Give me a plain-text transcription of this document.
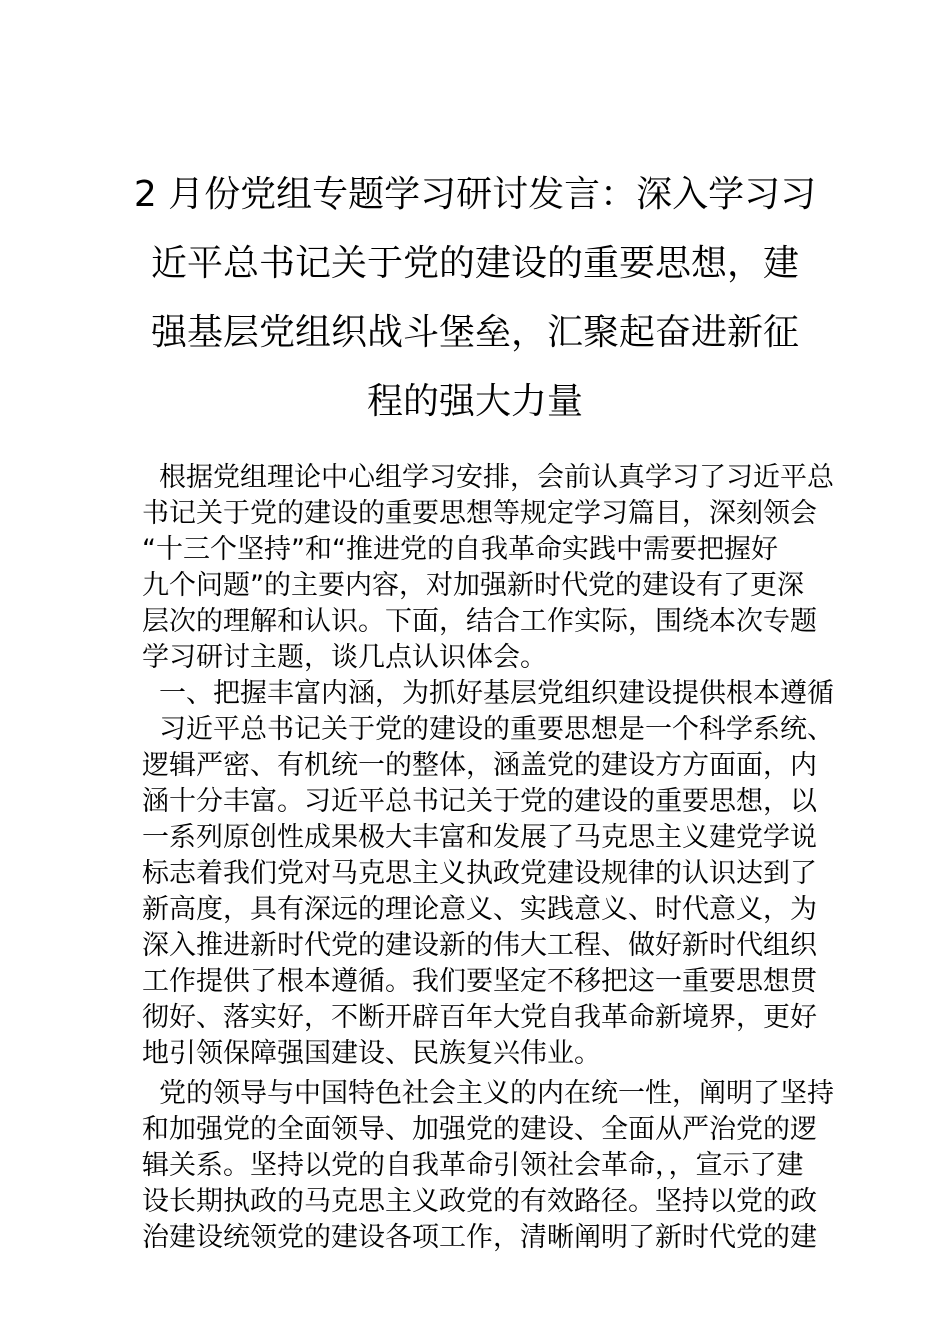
2 月份党组专题学习研讨发言：深入学习习
近平总书记关于党的建设的重要思想，建
强基层党组织战斗堡垒，汇聚起奋进新征
程的强大力量
根据党组理论中心组学习安排，会前认真学习了习近平总
书记关于党的建设的重要思想等规定学习篇目，深刻领会
“十三个坚持”和“推进党的自我革命实践中需要把握好
九个问题”的主要内容，对加强新时代党的建设有了更深
层次的理解和认识。下面，结合工作实际，围绕本次专题
学习研讨主题，谈几点认识体会。
一、把握丰富内涵，为抓好基层党组织建设提供根本遵循
习近平总书记关于党的建设的重要思想是一个科学系统、
逻辑严密、有机统一的整体，涵盖党的建设方方面面，内
涵十分丰富。习近平总书记关于党的建设的重要思想，以
一系列原创性成果极大丰富和发展了马克思主义建党学说
标志着我们党对马克思主义执政党建设规律的认识达到了
新高度，具有深远的理论意义、实践意义、时代意义，为
深入推进新时代党的建设新的伟大工程、做好新时代组织
工作提供了根本遵循。我们要坚定不移把这一重要思想贯
彻好、落实好，不断开辟百年大党自我革命新境界，更好
地引领保障强国建设、民族复兴伟业。
党的领导与中国特色社会主义的内在统一性，阐明了坚持
和加强党的全面领导、加强党的建设、全面从严治党的逻
辑关系。坚持以党的自我革命引领社会革命，，宣示了建
设长期执政的马克思主义政党的有效路径。坚持以党的政
治建设统领党的建设各项工作，清晰阐明了新时代党的建
